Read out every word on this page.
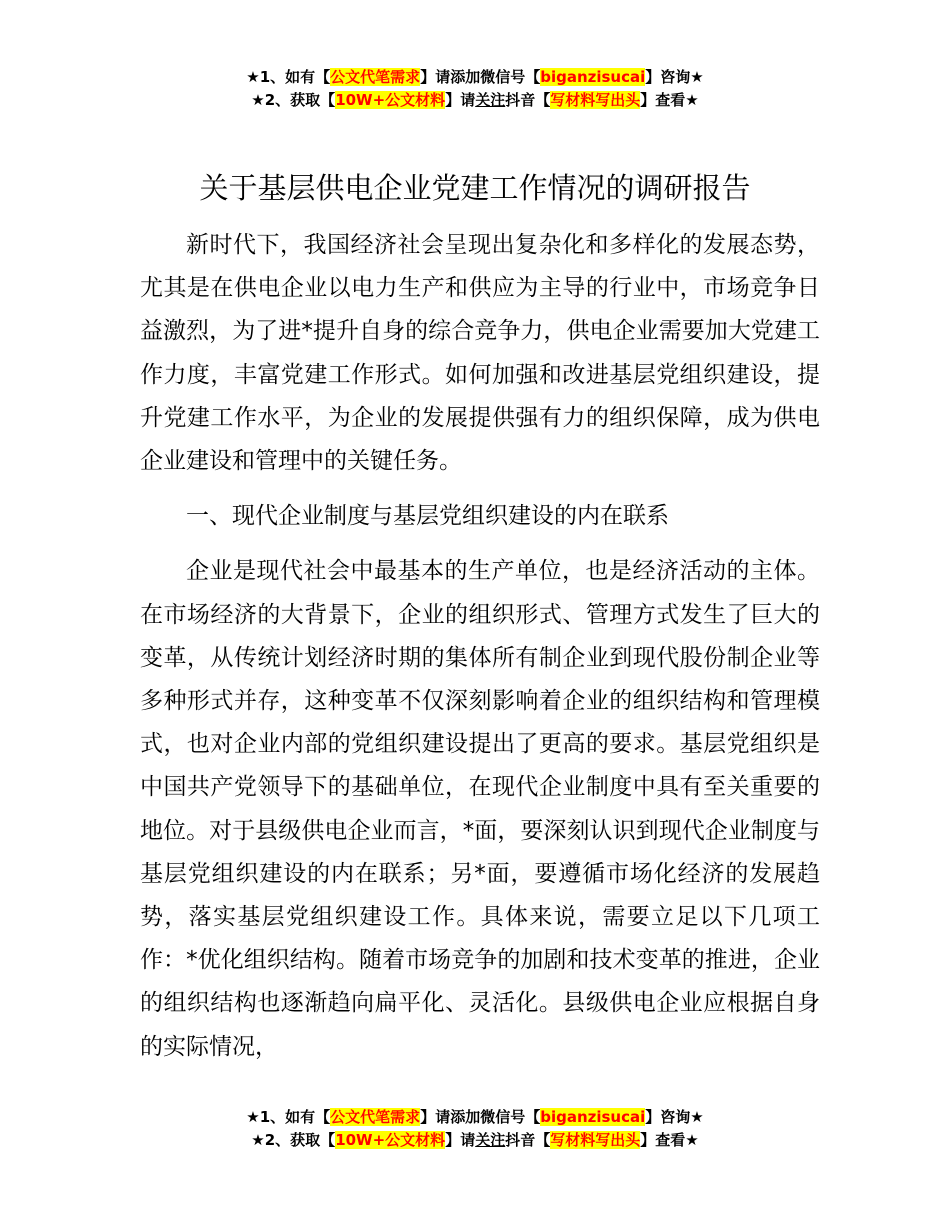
★1、如有【公文代笔需求】请添加微信号【biganzisucai】咨询★
★2、获取【10W+公文材料】请关注抖音【写材料写出头】查看★
关于基层供电企业党建工作情况的调研报告

新时代下，我国经济社会呈现出复杂化和多样化的发展态势，尤其是在供电企业以电力生产和供应为主导的行业中，市场竞争日益激烈，为了进*提升自身的综合竞争力，供电企业需要加大党建工作力度，丰富党建工作形式。如何加强和改进基层党组织建设，提升党建工作水平，为企业的发展提供强有力的组织保障，成为供电企业建设和管理中的关键任务。

一、现代企业制度与基层党组织建设的内在联系

企业是现代社会中最基本的生产单位，也是经济活动的主体。在市场经济的大背景下，企业的组织形式、管理方式发生了巨大的变革，从传统计划经济时期的集体所有制企业到现代股份制企业等多种形式并存，这种变革不仅深刻影响着企业的组织结构和管理模式，也对企业内部的党组织建设提出了更高的要求。基层党组织是中国共产党领导下的基础单位，在现代企业制度中具有至关重要的地位。对于县级供电企业而言，*面，要深刻认识到现代企业制度与基层党组织建设的内在联系；另*面，要遵循市场化经济的发展趋势，落实基层党组织建设工作。具体来说，需要立足以下几项工作：*优化组织结构。随着市场竞争的加剧和技术变革的推进，企业的组织结构也逐渐趋向扁平化、灵活化。县级供电企业应根据自身的实际情况，

★1、如有【公文代笔需求】请添加微信号【biganzisucai】咨询★
★2、获取【10W+公文材料】请关注抖音【写材料写出头】查看★
